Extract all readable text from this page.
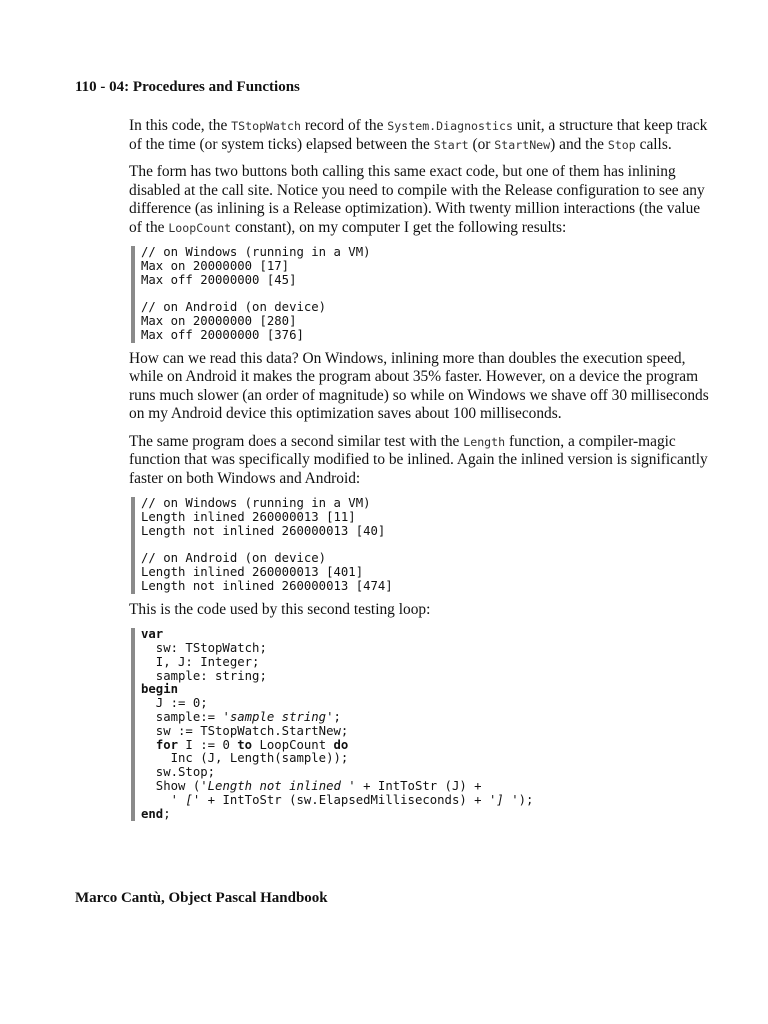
110 - 04: Procedures and Functions

In this code, the TStopWatch record of the System.Diagnostics unit, a structure that keep track of the time (or system ticks) elapsed between the Start (or StartNew) and the Stop calls.

The form has two buttons both calling this same exact code, but one of them has inlining disabled at the call site. Notice you need to compile with the Release configuration to see any difference (as inlining is a Release optimization). With twenty million interactions (the value of the LoopCount constant), on my computer I get the following results:

// on Windows (running in a VM)
Max on 20000000 [17]
Max off 20000000 [45]
// on Android (on device)
Max on 20000000 [280]
Max off 20000000 [376]

How can we read this data? On Windows, inlining more than doubles the execution speed, while on Android it makes the program about 35% faster. However, on a device the program runs much slower (an order of magnitude) so while on Windows we shave off 30 milliseconds on my Android device this optimization saves about 100 milliseconds.

The same program does a second similar test with the Length function, a compiler-magic function that was specifically modified to be inlined. Again the inlined version is significantly faster on both Windows and Android:

// on Windows (running in a VM)
Length inlined 260000013 [11]
Length not inlined 260000013 [40]
// on Android (on device)
Length inlined 260000013 [401]
Length not inlined 260000013 [474]

This is the code used by this second testing loop:

var
sw: TStopWatch;
I, J: Integer;
sample: string;
begin
J := 0;
sample:= 'sample string';
sw := TStopWatch.StartNew;
for I := 0 to LoopCount do
Inc (J, Length(sample));
sw.Stop;
Show ('Length not inlined ' + IntToStr (J) +
' [' + IntToStr (sw.ElapsedMilliseconds) + '] ');
end;
Marco Cantù, Object Pascal Handbook
